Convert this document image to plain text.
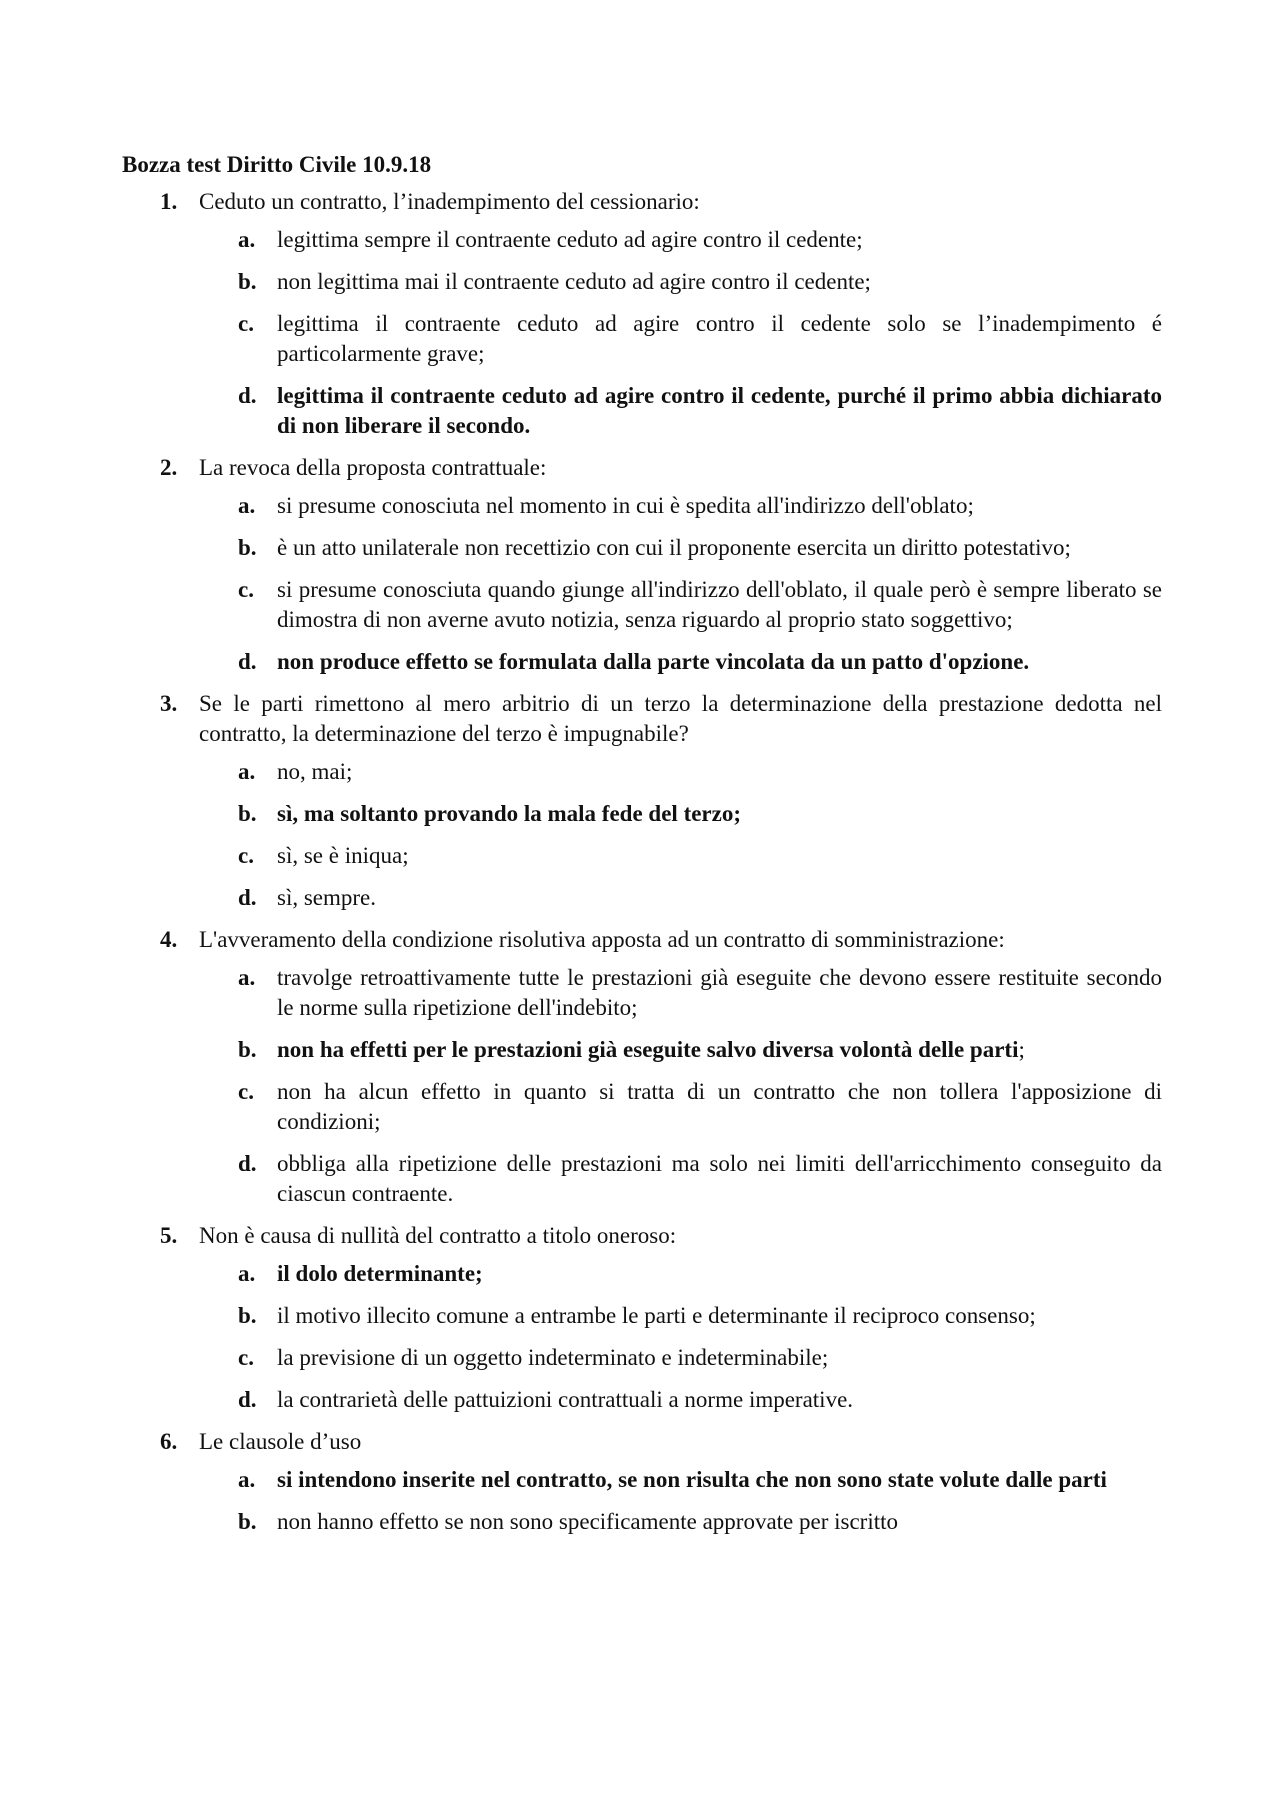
Bozza test Diritto Civile 10.9.18
1. Ceduto un contratto, l’inadempimento del cessionario:
a. legittima sempre il contraente ceduto ad agire contro il cedente;
b. non legittima mai il contraente ceduto ad agire contro il cedente;
c. legittima il contraente ceduto ad agire contro il cedente solo se l’inadempimento é particolarmente grave;
d. legittima il contraente ceduto ad agire contro il cedente, purché il primo abbia dichiarato di non liberare il secondo.
2. La revoca della proposta contrattuale:
a. si presume conosciuta nel momento in cui è spedita all'indirizzo dell'oblato;
b. è un atto unilaterale non recettizio con cui il proponente esercita un diritto potestativo;
c. si presume conosciuta quando giunge all'indirizzo dell'oblato, il quale però è sempre liberato se dimostra di non averne avuto notizia, senza riguardo al proprio stato soggettivo;
d. non produce effetto se formulata dalla parte vincolata da un patto d'opzione.
3. Se le parti rimettono al mero arbitrio di un terzo la determinazione della prestazione dedotta nel contratto, la determinazione del terzo è impugnabile?
a. no, mai;
b. sì, ma soltanto provando la mala fede del terzo;
c. sì, se è iniqua;
d. sì, sempre.
4. L'avveramento della condizione risolutiva apposta ad un contratto di somministrazione:
a. travolge retroattivamente tutte le prestazioni già eseguite che devono essere restituite secondo le norme sulla ripetizione dell'indebito;
b. non ha effetti per le prestazioni già eseguite salvo diversa volontà delle parti;
c. non ha alcun effetto in quanto si tratta di un contratto che non tollera l'apposizione di condizioni;
d. obbliga alla ripetizione delle prestazioni ma solo nei limiti dell'arricchimento conseguito da ciascun contraente.
5. Non è causa di nullità del contratto a titolo oneroso:
a. il dolo determinante;
b. il motivo illecito comune a entrambe le parti e determinante il reciproco consenso;
c. la previsione di un oggetto indeterminato e indeterminabile;
d. la contrarietà delle pattuizioni contrattuali a norme imperative.
6. Le clausole d’uso
a. si intendono inserite nel contratto, se non risulta che non sono state volute dalle parti
b. non hanno effetto se non sono specificamente approvate per iscritto
